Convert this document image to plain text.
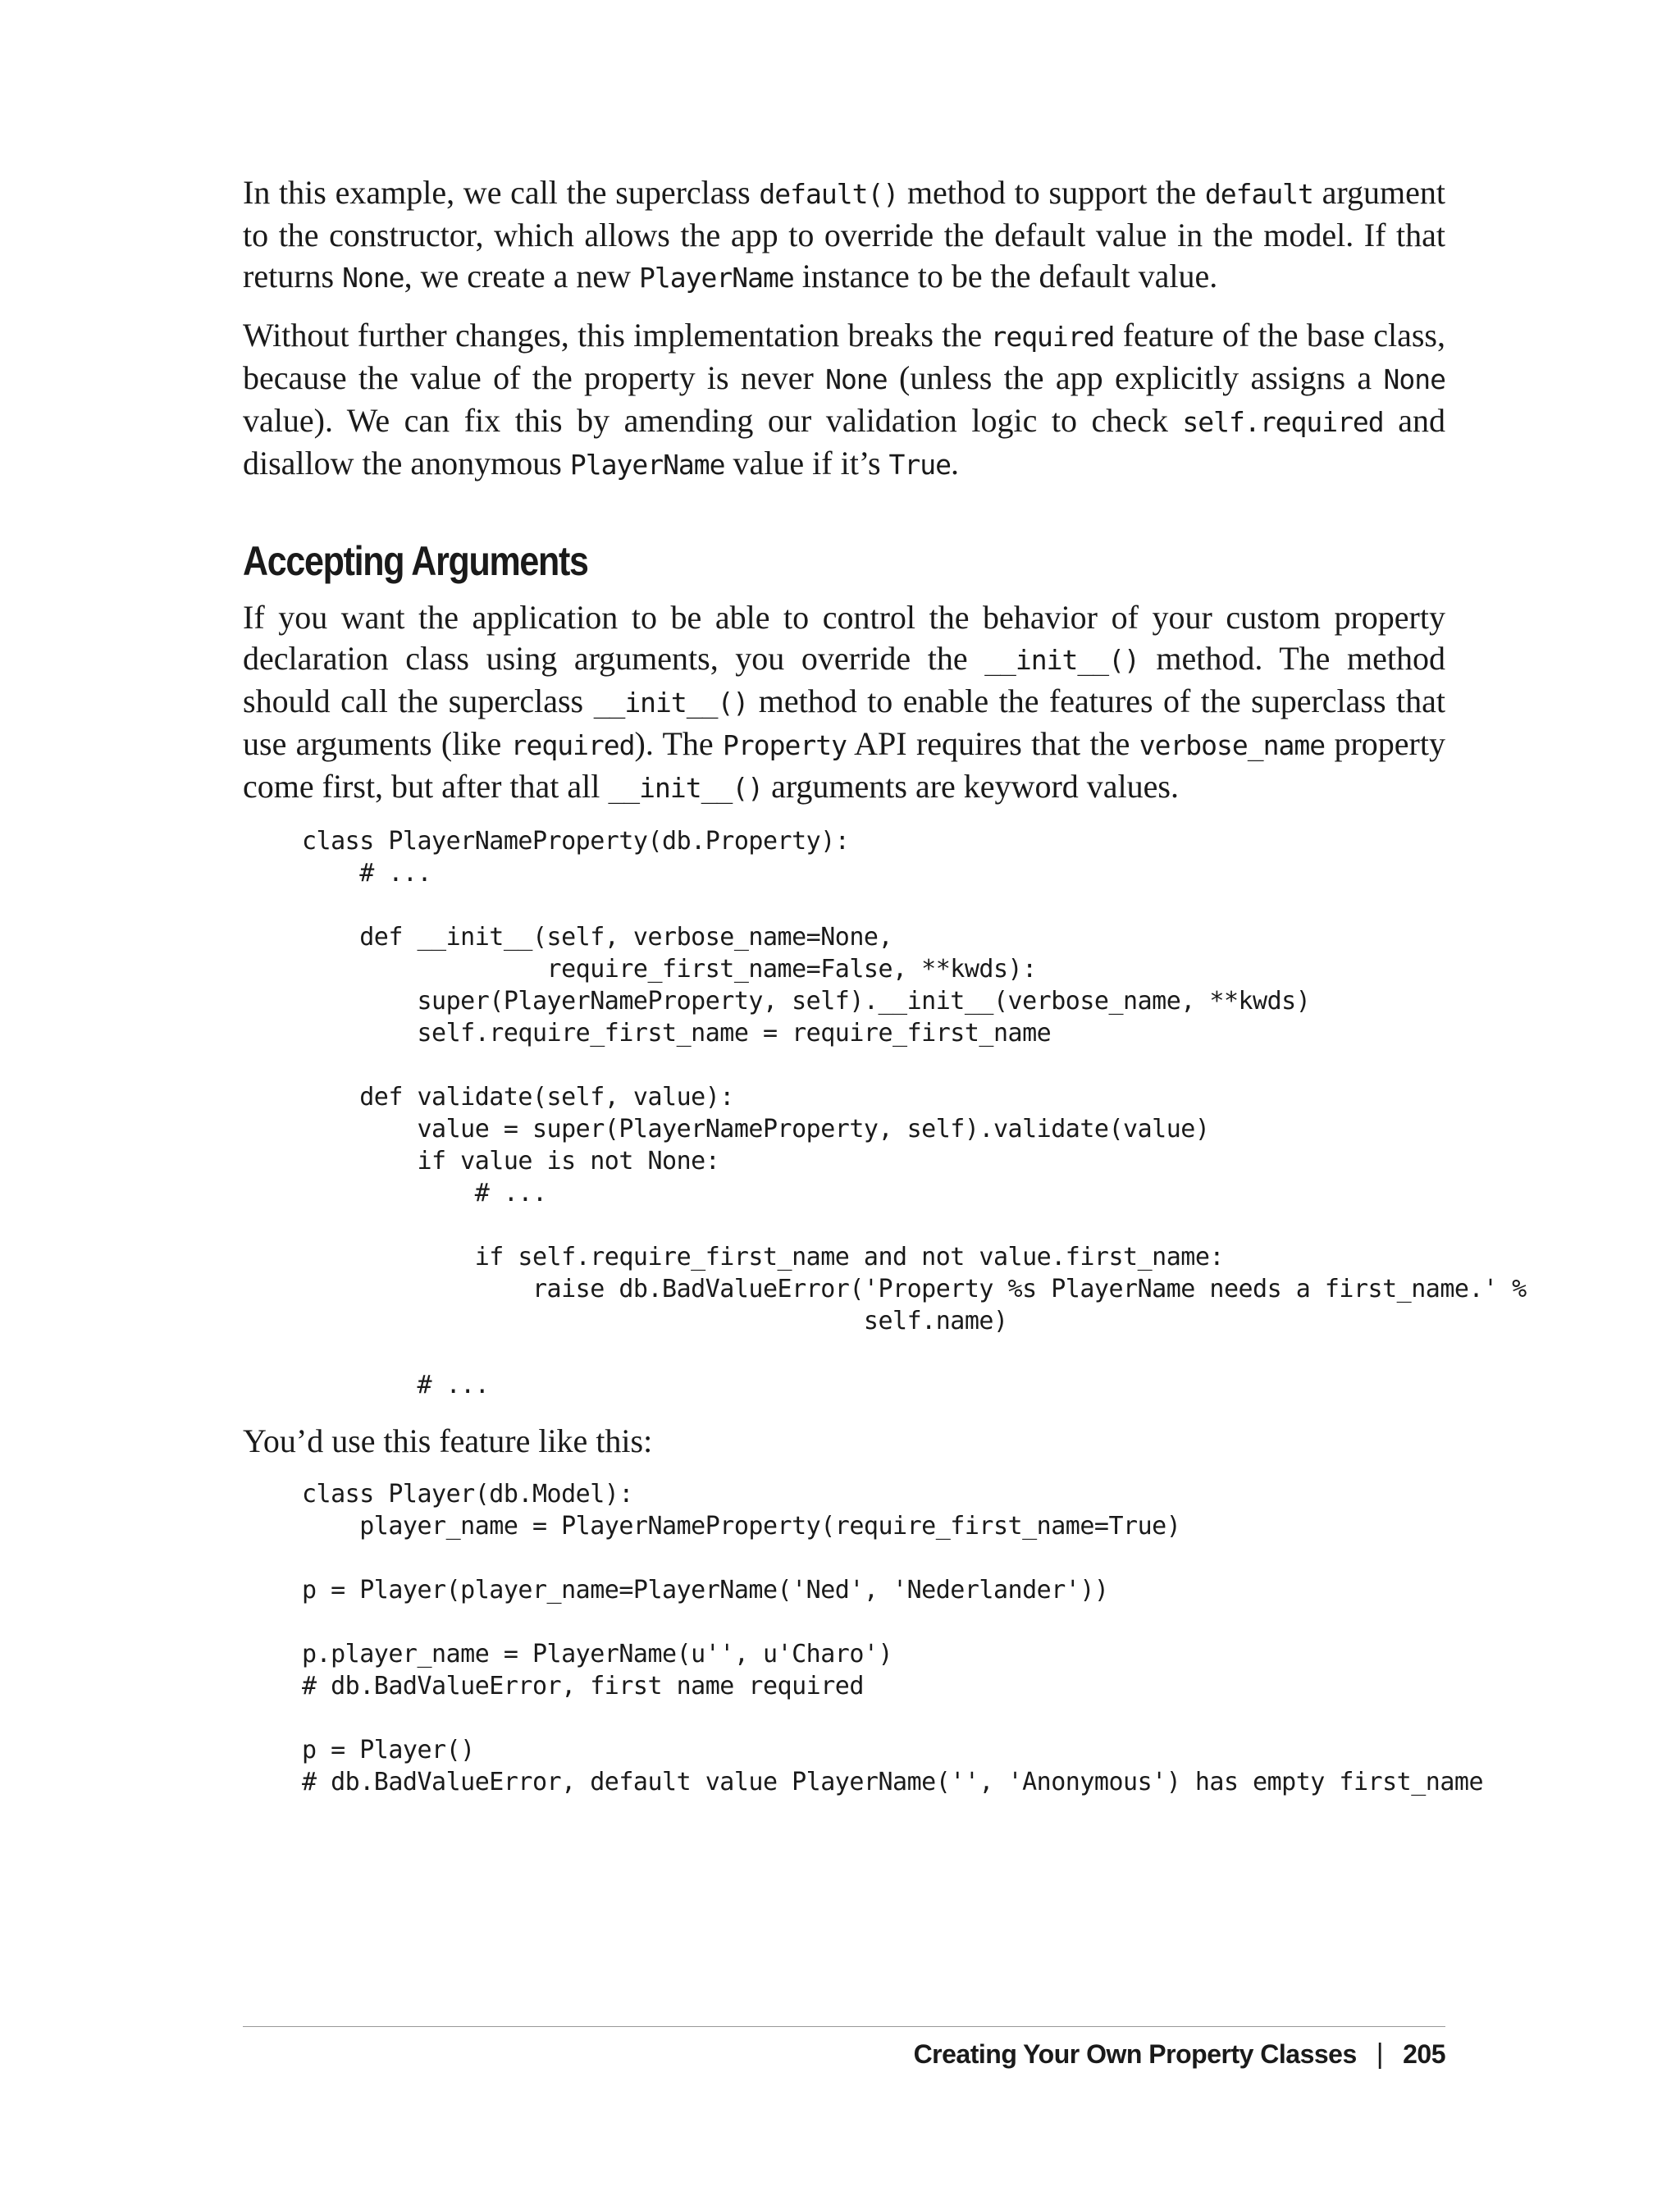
In this example, we call the superclass default() method to support the default argument to the constructor, which allows the app to override the default value in the model. If that returns None, we create a new PlayerName instance to be the default value.

Without further changes, this implementation breaks the required feature of the base class, because the value of the property is never None (unless the app explicitly assigns a None value). We can fix this by amending our validation logic to check self.required and disallow the anonymous PlayerName value if it’s True.

Accepting Arguments

If you want the application to be able to control the behavior of your custom property declaration class using arguments, you override the __init__() method. The method should call the superclass __init__() method to enable the features of the superclass that use arguments (like required). The Property API requires that the verbose_name property come first, but after that all __init__() arguments are keyword values.

class PlayerNameProperty(db.Property):
# ...

def __init__(self, verbose_name=None,
require_first_name=False, **kwds):
super(PlayerNameProperty, self).__init__(verbose_name, **kwds)
self.require_first_name = require_first_name

def validate(self, value):
value = super(PlayerNameProperty, self).validate(value)
if value is not None:
# ...

if self.require_first_name and not value.first_name:
raise db.BadValueError('Property %s PlayerName needs a first_name.' %
self.name)

# ...

You’d use this feature like this:

class Player(db.Model):
player_name = PlayerNameProperty(require_first_name=True)

p = Player(player_name=PlayerName('Ned', 'Nederlander'))

p.player_name = PlayerName(u'', u'Charo')
# db.BadValueError, first name required

p = Player()
# db.BadValueError, default value PlayerName('', 'Anonymous') has empty first_name
Creating Your Own Property Classes | 205
